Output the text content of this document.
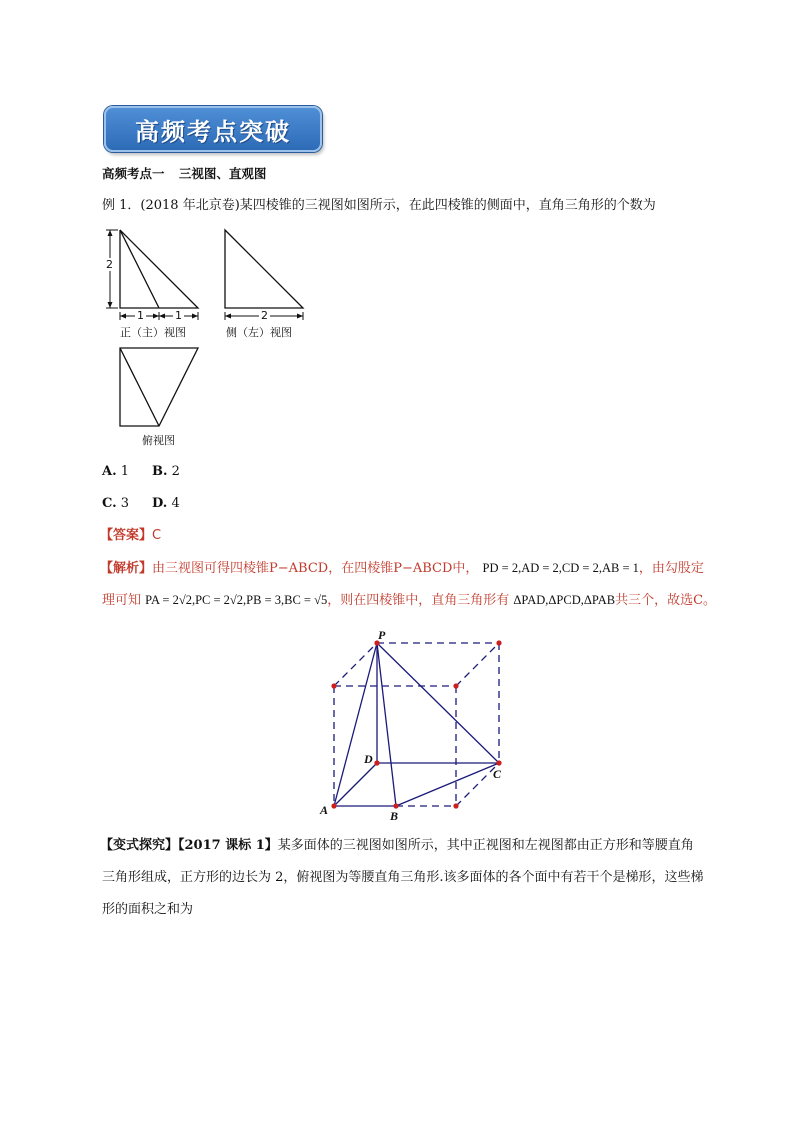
高频考点突破
高频考点一 三视图、直观图
例 1．(2018 年北京卷)某四棱锥的三视图如图所示，在此四棱锥的侧面中，直角三角形的个数为
2
1	1	2
正（主）视图	侧（左）视图
俯视图
A. 1 B. 2
C. 3 D. 4
【答案】C
【解析】由三视图可得四棱锥P−ABCD，在四棱锥P−ABCD中， PD = 2,AD = 2,CD = 2,AB = 1，由勾股定
理可知 PA = 2√2,PC = 2√2,PB = 3,BC = √5，则在四棱锥中，直角三角形有 ΔPAD,ΔPCD,ΔPAB共三个，故选C。
P
D
A	B
C
【变式探究】【2017 课标 1】某多面体的三视图如图所示，其中正视图和左视图都由正方形和等腰直角
三角形组成，正方形的边长为 2，俯视图为等腰直角三角形.该多面体的各个面中有若干个是梯形，这些梯
形的面积之和为
